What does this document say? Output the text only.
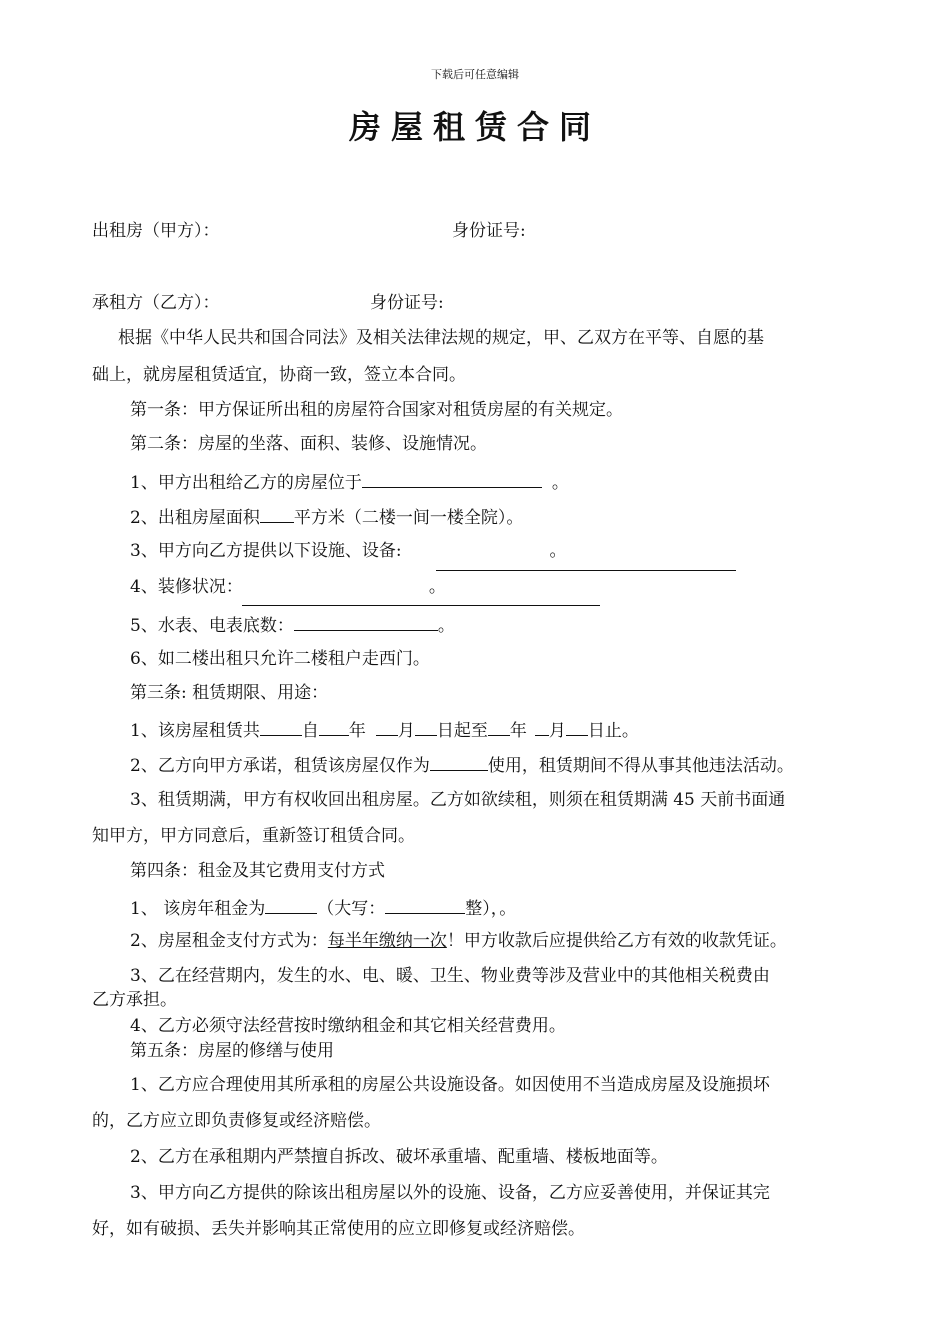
下载后可任意编辑
房屋租赁合同
出租房（甲方）：	身份证号:
承租方（乙方）：	身份证号:
根据《中华人民共和国合同法》及相关法律法规的规定，甲、乙双方在平等、自愿的基
础上，就房屋租赁适宜，协商一致，签立本合同。
第一条：甲方保证所出租的房屋符合国家对租赁房屋的有关规定。
第二条：房屋的坐落、面积、装修、设施情况。
1、甲方出租给乙方的房屋位于	。
2、出租房屋面积 平方米（二楼一间一楼全院）。
3、甲方向乙方提供以下设施、设备:	。
4、装修状况：	。
5、水表、电表底数：	。
6、如二楼出租只允许二楼租户走西门。
第三条: 租赁期限、用途：
1、该房屋租赁共 自 年 月 日起至 年 月 日止。
2、乙方向甲方承诺，租赁该房屋仅作为	使用，租赁期间不得从事其他违法活动。
3、租赁期满，甲方有权收回出租房屋。乙方如欲续租，则须在租赁期满 45 天前书面通
知甲方，甲方同意后，重新签订租赁合同。
第四条：租金及其它费用支付方式
1、 该房年租金为	（大写：	整），。
2、房屋租金支付方式为：每半年缴纳一次！甲方收款后应提供给乙方有效的收款凭证。
3、乙在经营期内，发生的水、电、暖、卫生、物业费等涉及营业中的其他相关税费由
乙方承担。
4、乙方必须守法经营按时缴纳租金和其它相关经营费用。
第五条：房屋的修缮与使用
1、乙方应合理使用其所承租的房屋公共设施设备。如因使用不当造成房屋及设施损坏
的，乙方应立即负责修复或经济赔偿。
2、乙方在承租期内严禁擅自拆改、破坏承重墙、配重墙、楼板地面等。
3、甲方向乙方提供的除该出租房屋以外的设施、设备，乙方应妥善使用，并保证其完
好，如有破损、丢失并影响其正常使用的应立即修复或经济赔偿。
